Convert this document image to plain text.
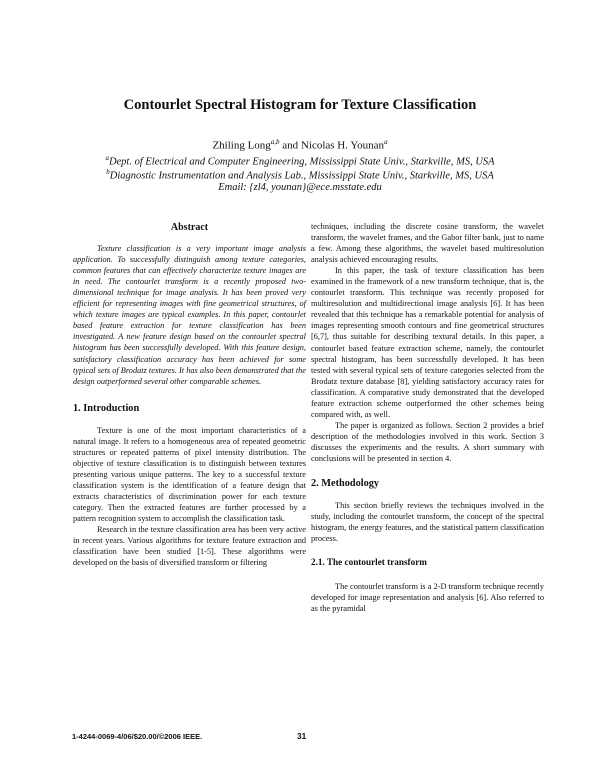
Contourlet Spectral Histogram for Texture Classification
Zhiling Long$^{a,b}$ and Nicolas H. Younan$^a$
$^a$Dept. of Electrical and Computer Engineering, Mississippi State Univ., Starkville, MS, USA
$^b$Diagnostic Instrumentation and Analysis Lab., Mississippi State Univ., Starkville, MS, USA
Email: {zl4, younan}@ece.msstate.edu
Abstract

Texture classification is a very important image analysis application. To successfully distinguish among texture categories, common features that can effectively characterize texture images are in need. The contourlet transform is a recently proposed two-dimensional technique for image analysis. It has been proved very efficient for representing images with fine geometrical structures, of which texture images are typical examples. In this paper, contourlet based feature extraction for texture classification has been investigated. A new feature design based on the contourlet spectral histogram has been successfully developed. With this feature design, satisfactory classification accuracy has been achieved for some typical sets of Brodatz textures. It has also been demonstrated that the design outperformed several other comparable schemes.

1. Introduction

Texture is one of the most important characteristics of a natural image. It refers to a homogeneous area of repeated geometric structures or repeated patterns of pixel intensity distribution. The objective of texture classification is to distinguish between textures presenting various unique patterns. The key to a successful texture classification system is the identification of a feature design that extracts characteristics of discrimination power for each texture category. Then the extracted features are further processed by a pattern recognition system to accomplish the classification task.

Research in the texture classification area has been very active in recent years. Various algorithms for texture feature extraction and classification have been studied [1-5]. These algorithms were developed on the basis of diversified transform or filtering

techniques, including the discrete cosine transform, the wavelet transform, the wavelet frames, and the Gabor filter bank, just to name a few. Among these algorithms, the wavelet based multiresolution analysis achieved encouraging results.

In this paper, the task of texture classification has been examined in the framework of a new transform technique, that is, the contourlet transform. This technique was recently proposed for multiresolution and multidirectional image analysis [6]. It has been revealed that this technique has a remarkable potential for analysis of images representing smooth contours and fine geometrical structures [6,7], thus suitable for describing textural details. In this paper, a contourlet based feature extraction scheme, namely, the contourlet spectral histogram, has been successfully developed. It has been tested with several typical sets of texture categories selected from the Brodatz texture database [8], yielding satisfactory accuracy rates for classification. A comparative study demonstrated that the developed feature extraction scheme outperformed the other schemes being compared with, as well.

The paper is organized as follows. Section 2 provides a brief description of the methodologies involved in this work. Section 3 discusses the experiments and the results. A short summary with conclusions will be presented in section 4.

2. Methodology

This section briefly reviews the techniques involved in the study, including the contourlet transform, the concept of the spectral histogram, the energy features, and the statistical pattern classification process.

2.1. The contourlet transform

The contourlet transform is a 2-D transform technique recently developed for image representation and analysis [6]. Also referred to as the pyramidal

1-4244-0069-4/06/$20.00/©2006 IEEE.	31
